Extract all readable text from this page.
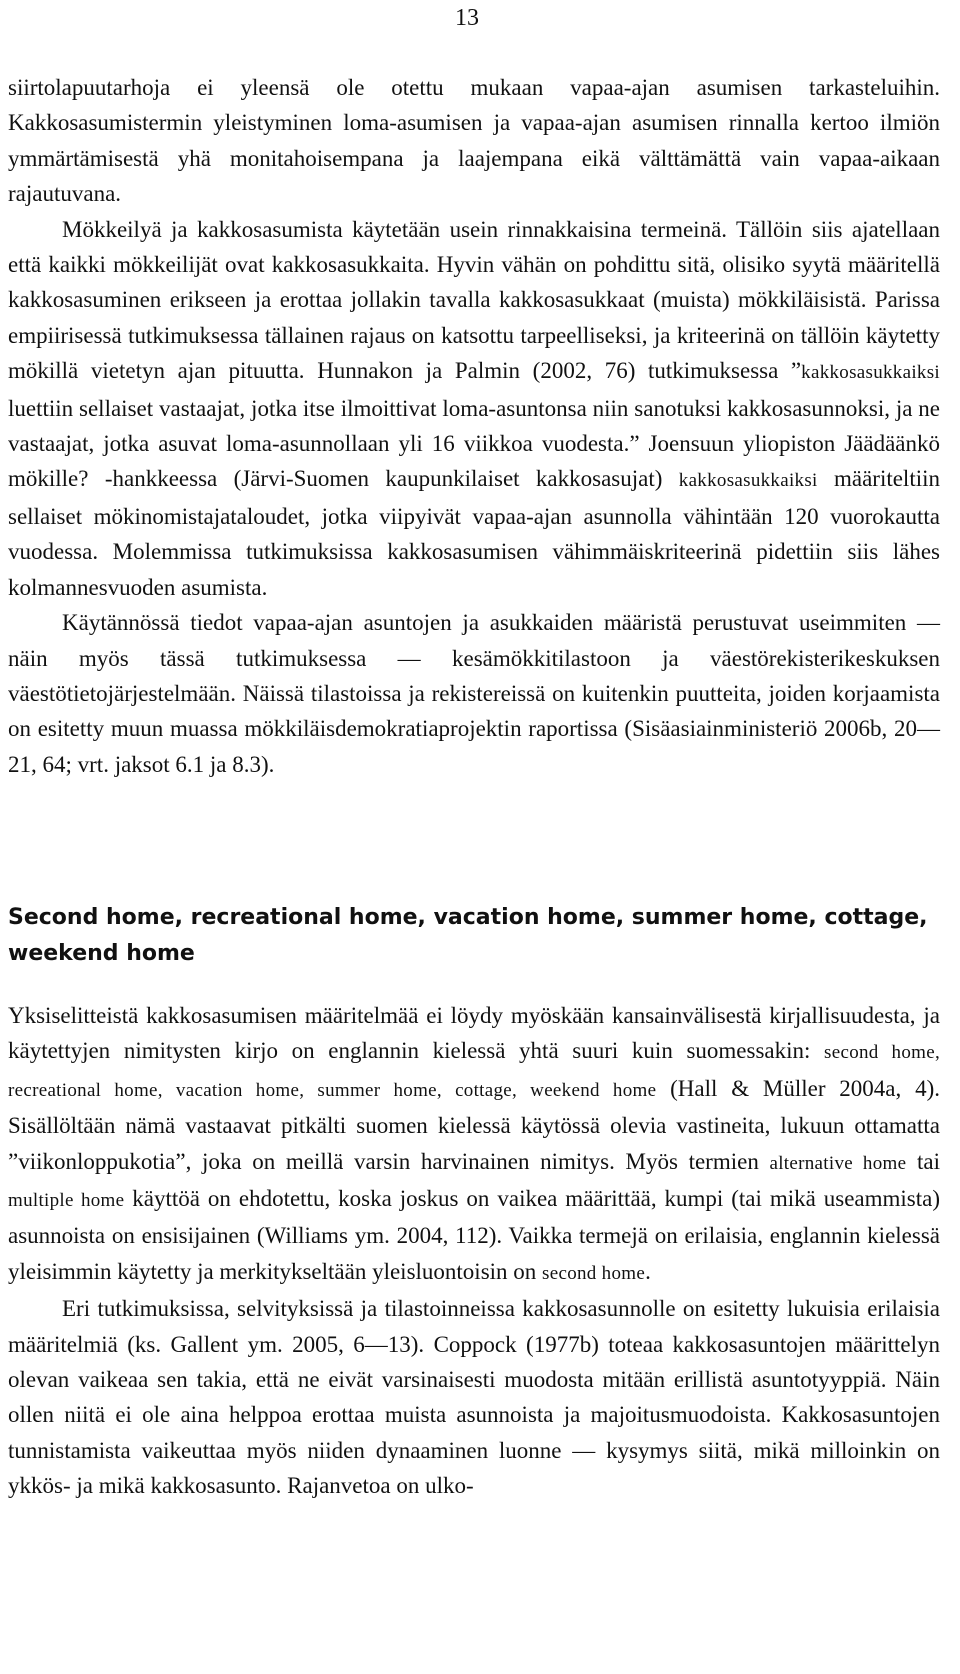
13
siirtolapuutarhoja ei yleensä ole otettu mukaan vapaa-ajan asumisen tarkasteluihin. Kakkosasumistermin yleistyminen loma-asumisen ja vapaa-ajan asumisen rinnalla kertoo ilmiön ymmärtämisestä yhä monitahoisempana ja laajempana eikä välttämättä vain vapaa-aikaan rajautuvana.
Mökkeilyä ja kakkosasumista käytetään usein rinnakkaisina termeinä. Tällöin siis ajatellaan että kaikki mökkeilijät ovat kakkosasukkaita. Hyvin vähän on pohdittu sitä, olisiko syytä määritellä kakkosasuminen erikseen ja erottaa jollakin tavalla kakkosasukkaat (muista) mökkiläisistä. Parissa empiirisessä tutkimuksessa tällainen rajaus on katsottu tarpeelliseksi, ja kriteerinä on tällöin käytetty mökillä vietetyn ajan pituutta. Hunnakon ja Palmin (2002, 76) tutkimuksessa ”kakkosasukkaiksi luettiin sellaiset vastaajat, jotka itse ilmoittivat loma-asuntonsa niin sanotuksi kakkosasunnoksi, ja ne vastaajat, jotka asuvat loma-asunnollaan yli 16 viikkoa vuodesta.” Joensuun yliopiston Jäädäänkö mökille? -hankkeessa (Järvi-Suomen kaupunkilaiset kakkosasujat) kakkosasukkaiksi määriteltiin sellaiset mökinomistajataloudet, jotka viipyivät vapaa-ajan asunnolla vähintään 120 vuorokautta vuodessa. Molemmissa tutkimuksissa kakkosasumisen vähimmäiskriteerinä pidettiin siis lähes kolmannesvuoden asumista.
Käytännössä tiedot vapaa-ajan asuntojen ja asukkaiden määristä perustuvat useimmiten — näin myös tässä tutkimuksessa — kesämökkitilastoon ja väestörekisterikeskuksen väestötietojärjestelmään. Näissä tilastoissa ja rekistereissä on kuitenkin puutteita, joiden korjaamista on esitetty muun muassa mökkiläisdemokratiaprojektin raportissa (Sisäasiainministeriö 2006b, 20—21, 64; vrt. jaksot 6.1 ja 8.3).
Second home, recreational home, vacation home, summer home, cottage, weekend home
Yksiselitteistä kakkosasumisen määritelmää ei löydy myöskään kansainvälisestä kirjallisuudesta, ja käytettyjen nimitysten kirjo on englannin kielessä yhtä suuri kuin suomessakin: second home, recreational home, vacation home, summer home, cottage, weekend home (Hall & Müller 2004a, 4). Sisällöltään nämä vastaavat pitkälti suomen kielessä käytössä olevia vastineita, lukuun ottamatta ”viikonloppukotia”, joka on meillä varsin harvinainen nimitys. Myös termien alternative home tai multiple home käyttöä on ehdotettu, koska joskus on vaikea määrittää, kumpi (tai mikä useammista) asunnoista on ensisijainen (Williams ym. 2004, 112). Vaikka termejä on erilaisia, englannin kielessä yleisimmin käytetty ja merkitykseltään yleisluontoisin on second home.
Eri tutkimuksissa, selvityksissä ja tilastoinneissa kakkosasunnolle on esitetty lukuisia erilaisia määritelmiä (ks. Gallent ym. 2005, 6—13). Coppock (1977b) toteaa kakkosasuntojen määrittelyn olevan vaikeaa sen takia, että ne eivät varsinaisesti muodosta mitään erillistä asuntotyyppiä. Näin ollen niitä ei ole aina helppoa erottaa muista asunnoista ja majoitusmuodoista. Kakkosasuntojen tunnistamista vaikeuttaa myös niiden dynaaminen luonne — kysymys siitä, mikä milloinkin on ykkös- ja mikä kakkosasunto. Rajanvetoa on ulko-
